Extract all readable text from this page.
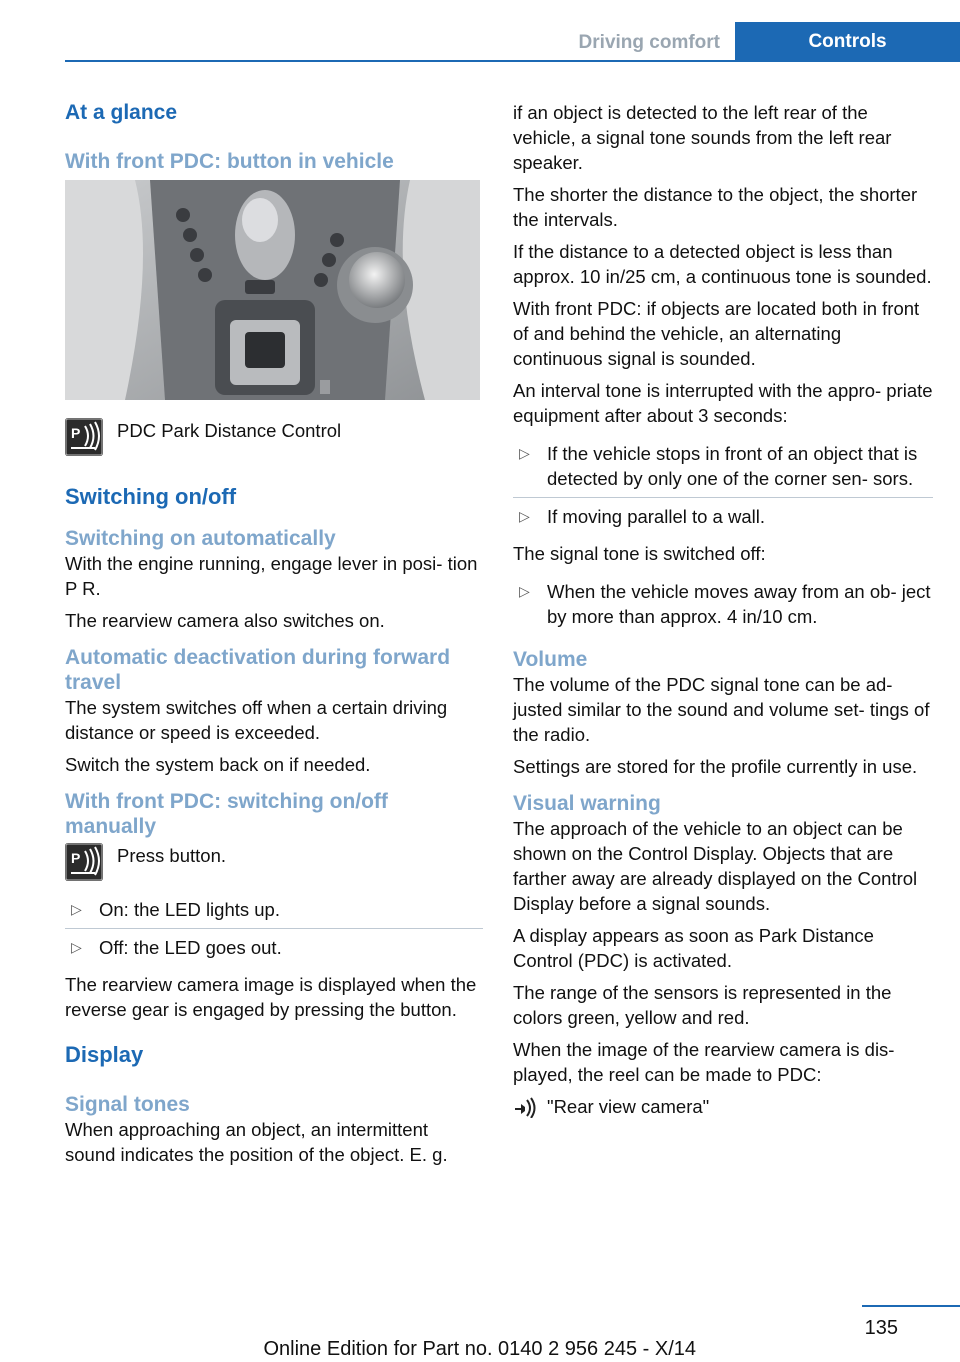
Driving comfort	Controls
At a glance
With front PDC: button in vehicle
P PDC Park Distance Control
Switching on/off
Switching on automatically
With the engine running, engage lever in posi‐ tion P R.
The rearview camera also switches on.
Automatic deactivation during forward travel
The system switches off when a certain driving distance or speed is exceeded.
Switch the system back on if needed.
With front PDC: switching on/off manually
P Press button.
▷ On: the LED lights up.
▷ Off: the LED goes out.
The rearview camera image is displayed when the reverse gear is engaged by pressing the button.
Display
Signal tones
When approaching an object, an intermittent sound indicates the position of the object. E. g.
if an object is detected to the left rear of the vehicle, a signal tone sounds from the left rear speaker.
The shorter the distance to the object, the shorter the intervals.
If the distance to a detected object is less than approx. 10 in/25 cm, a continuous tone is sounded.
With front PDC: if objects are located both in front of and behind the vehicle, an alternating continuous signal is sounded.
An interval tone is interrupted with the appro‐ priate equipment after about 3 seconds:
▷ If the vehicle stops in front of an object that is detected by only one of the corner sen‐ sors.
▷ If moving parallel to a wall.
The signal tone is switched off:
▷ When the vehicle moves away from an ob‐ ject by more than approx. 4 in/10 cm.
Volume
The volume of the PDC signal tone can be ad‐ justed similar to the sound and volume set‐ tings of the radio.
Settings are stored for the profile currently in use.
Visual warning
The approach of the vehicle to an object can be shown on the Control Display. Objects that are farther away are already displayed on the Control Display before a signal sounds.
A display appears as soon as Park Distance Control (PDC) is activated.
The range of the sensors is represented in the colors green, yellow and red.
When the image of the rearview camera is dis‐ played, the reel can be made to PDC:
"Rear view camera"
135
Online Edition for Part no. 0140 2 956 245 - X/14
